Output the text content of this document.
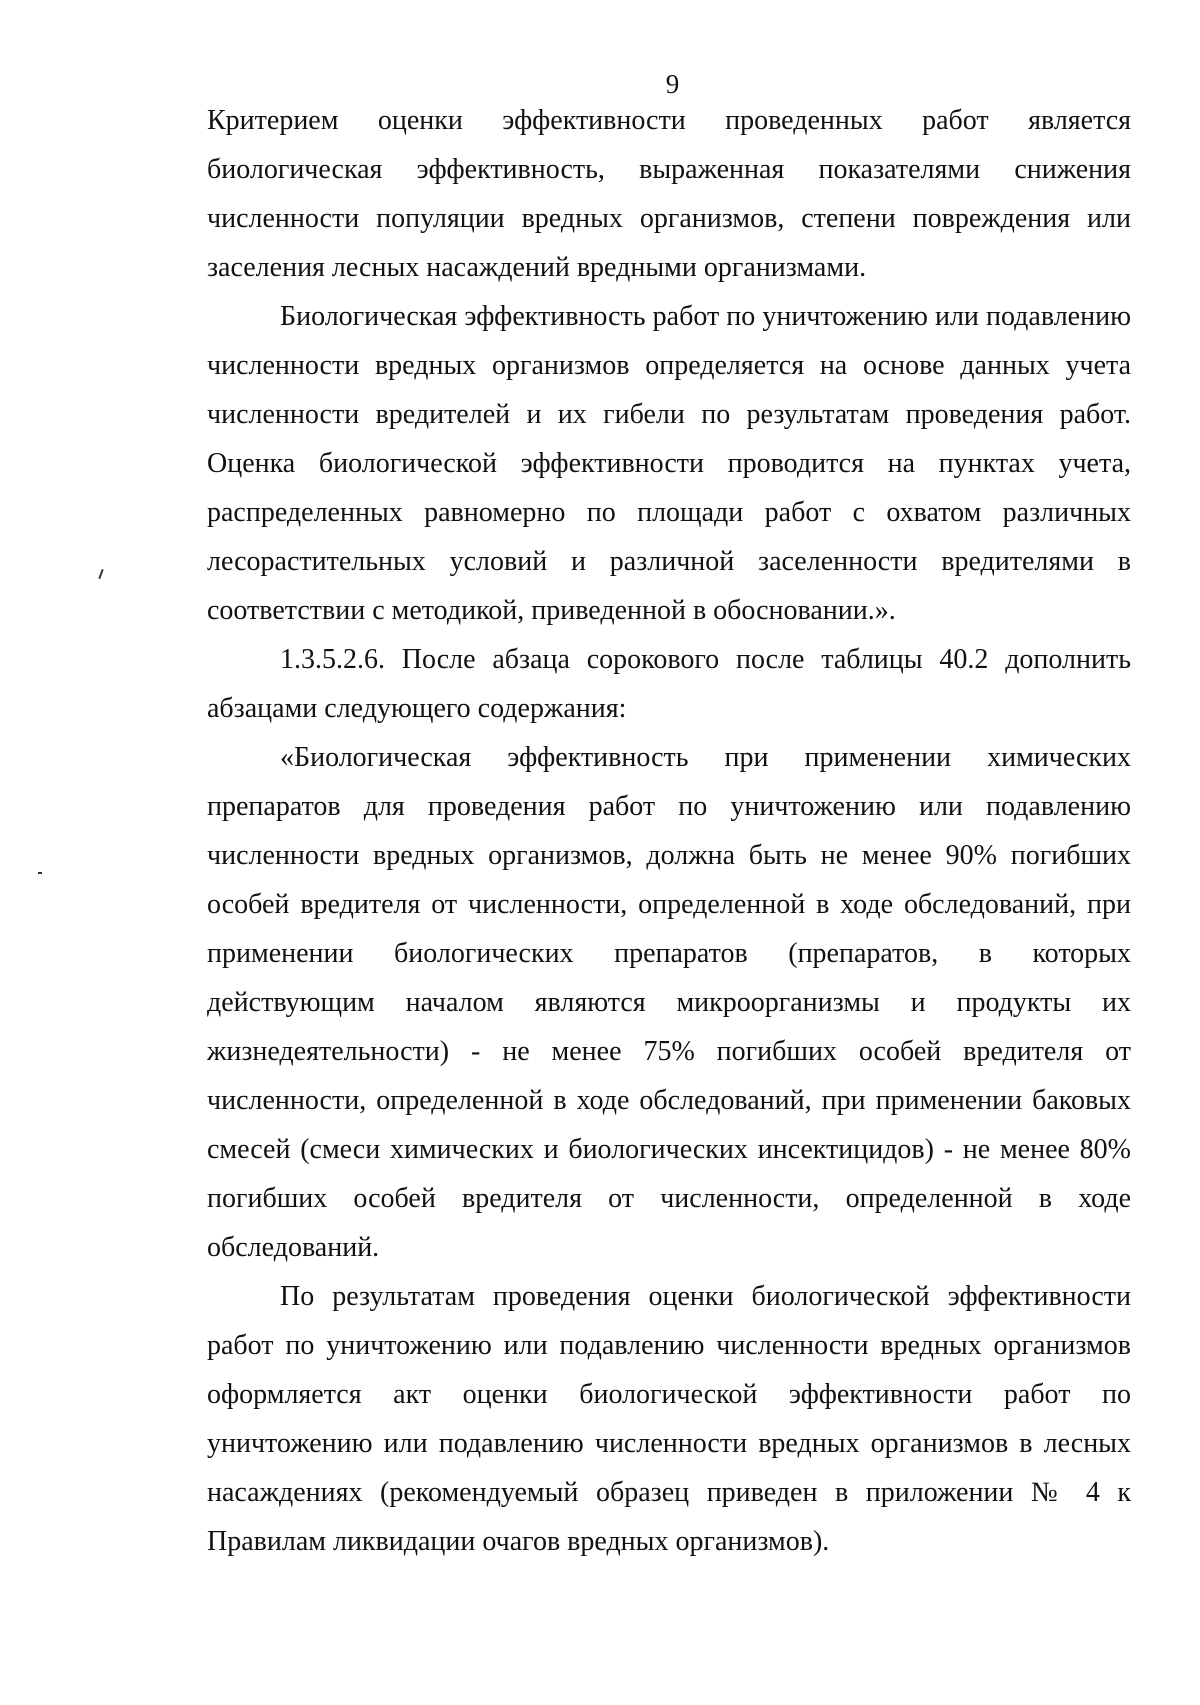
9

Критерием оценки эффективности проведенных работ является биологическая эффективность, выраженная показателями снижения численности популяции вредных организмов, степени повреждения или заселения лесных насаждений вредными организмами.

Биологическая эффективность работ по уничтожению или подавлению численности вредных организмов определяется на основе данных учета численности вредителей и их гибели по результатам проведения работ. Оценка биологической эффективности проводится на пунктах учета, распределенных равномерно по площади работ с охватом различных лесорастительных условий и различной заселенности вредителями в соответствии с методикой, приведенной в обосновании.».

1.3.5.2.6. После абзаца сорокового после таблицы 40.2 дополнить абзацами следующего содержания:

«Биологическая эффективность при применении химических препаратов для проведения работ по уничтожению или подавлению численности вредных организмов, должна быть не менее 90% погибших особей вредителя от численности, определенной в ходе обследований, при применении биологических препаратов (препаратов, в которых действующим началом являются микроорганизмы и продукты их жизнедеятельности) - не менее 75% погибших особей вредителя от численности, определенной в ходе обследований, при применении баковых смесей (смеси химических и биологических инсектицидов) - не менее 80% погибших особей вредителя от численности, определенной в ходе обследований.

По результатам проведения оценки биологической эффективности работ по уничтожению или подавлению численности вредных организмов оформляется акт оценки биологической эффективности работ по уничтожению или подавлению численности вредных организмов в лесных насаждениях (рекомендуемый образец приведен в приложении № 4 к Правилам ликвидации очагов вредных организмов).
